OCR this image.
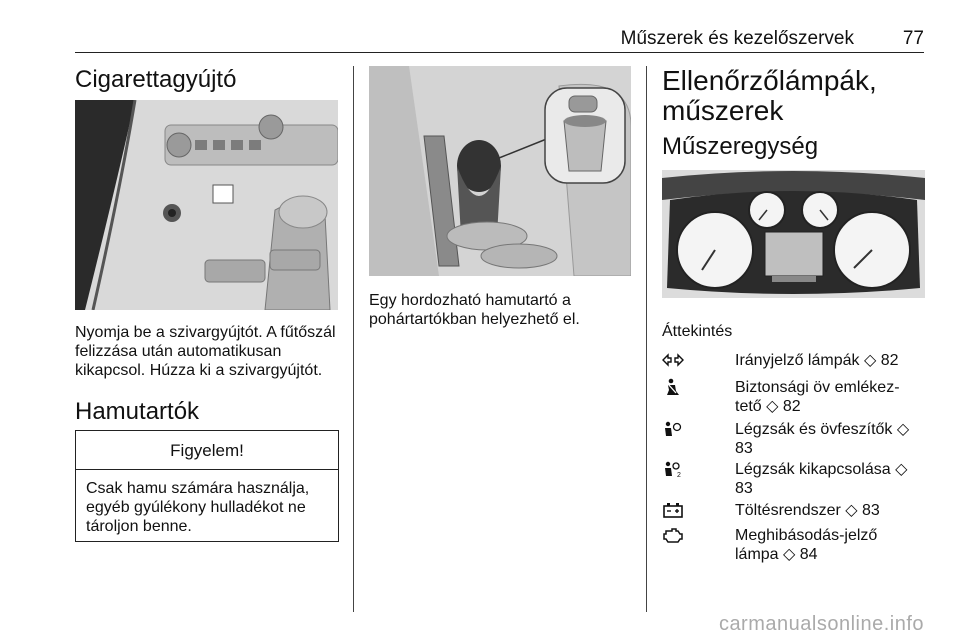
Műszerek és kezelőszervek	77
Cigarettagyújtó
Nyomja be a szivargyújtót. A fűtőszál felizzása után automatikusan kikapcsol. Húzza ki a szivargyújtót.
Hamutartók
Figyelem!
Csak hamu számára használja, egyéb gyúlékony hulladékot ne tároljon benne.
Egy hordozható hamutartó a pohártartókban helyezhető el.
Ellenőrzőlámpák, műszerek
Műszeregység
Áttekintés
Irányjelző lámpák ◇ 82
Biztonsági öv emlékez-tető ◇ 82
Légzsák és övfeszítők ◇ 83
2	Légzsák kikapcsolása ◇ 83
Töltésrendszer ◇ 83
Meghibásodás-jelző lámpa ◇ 84
carmanualsonline.info
